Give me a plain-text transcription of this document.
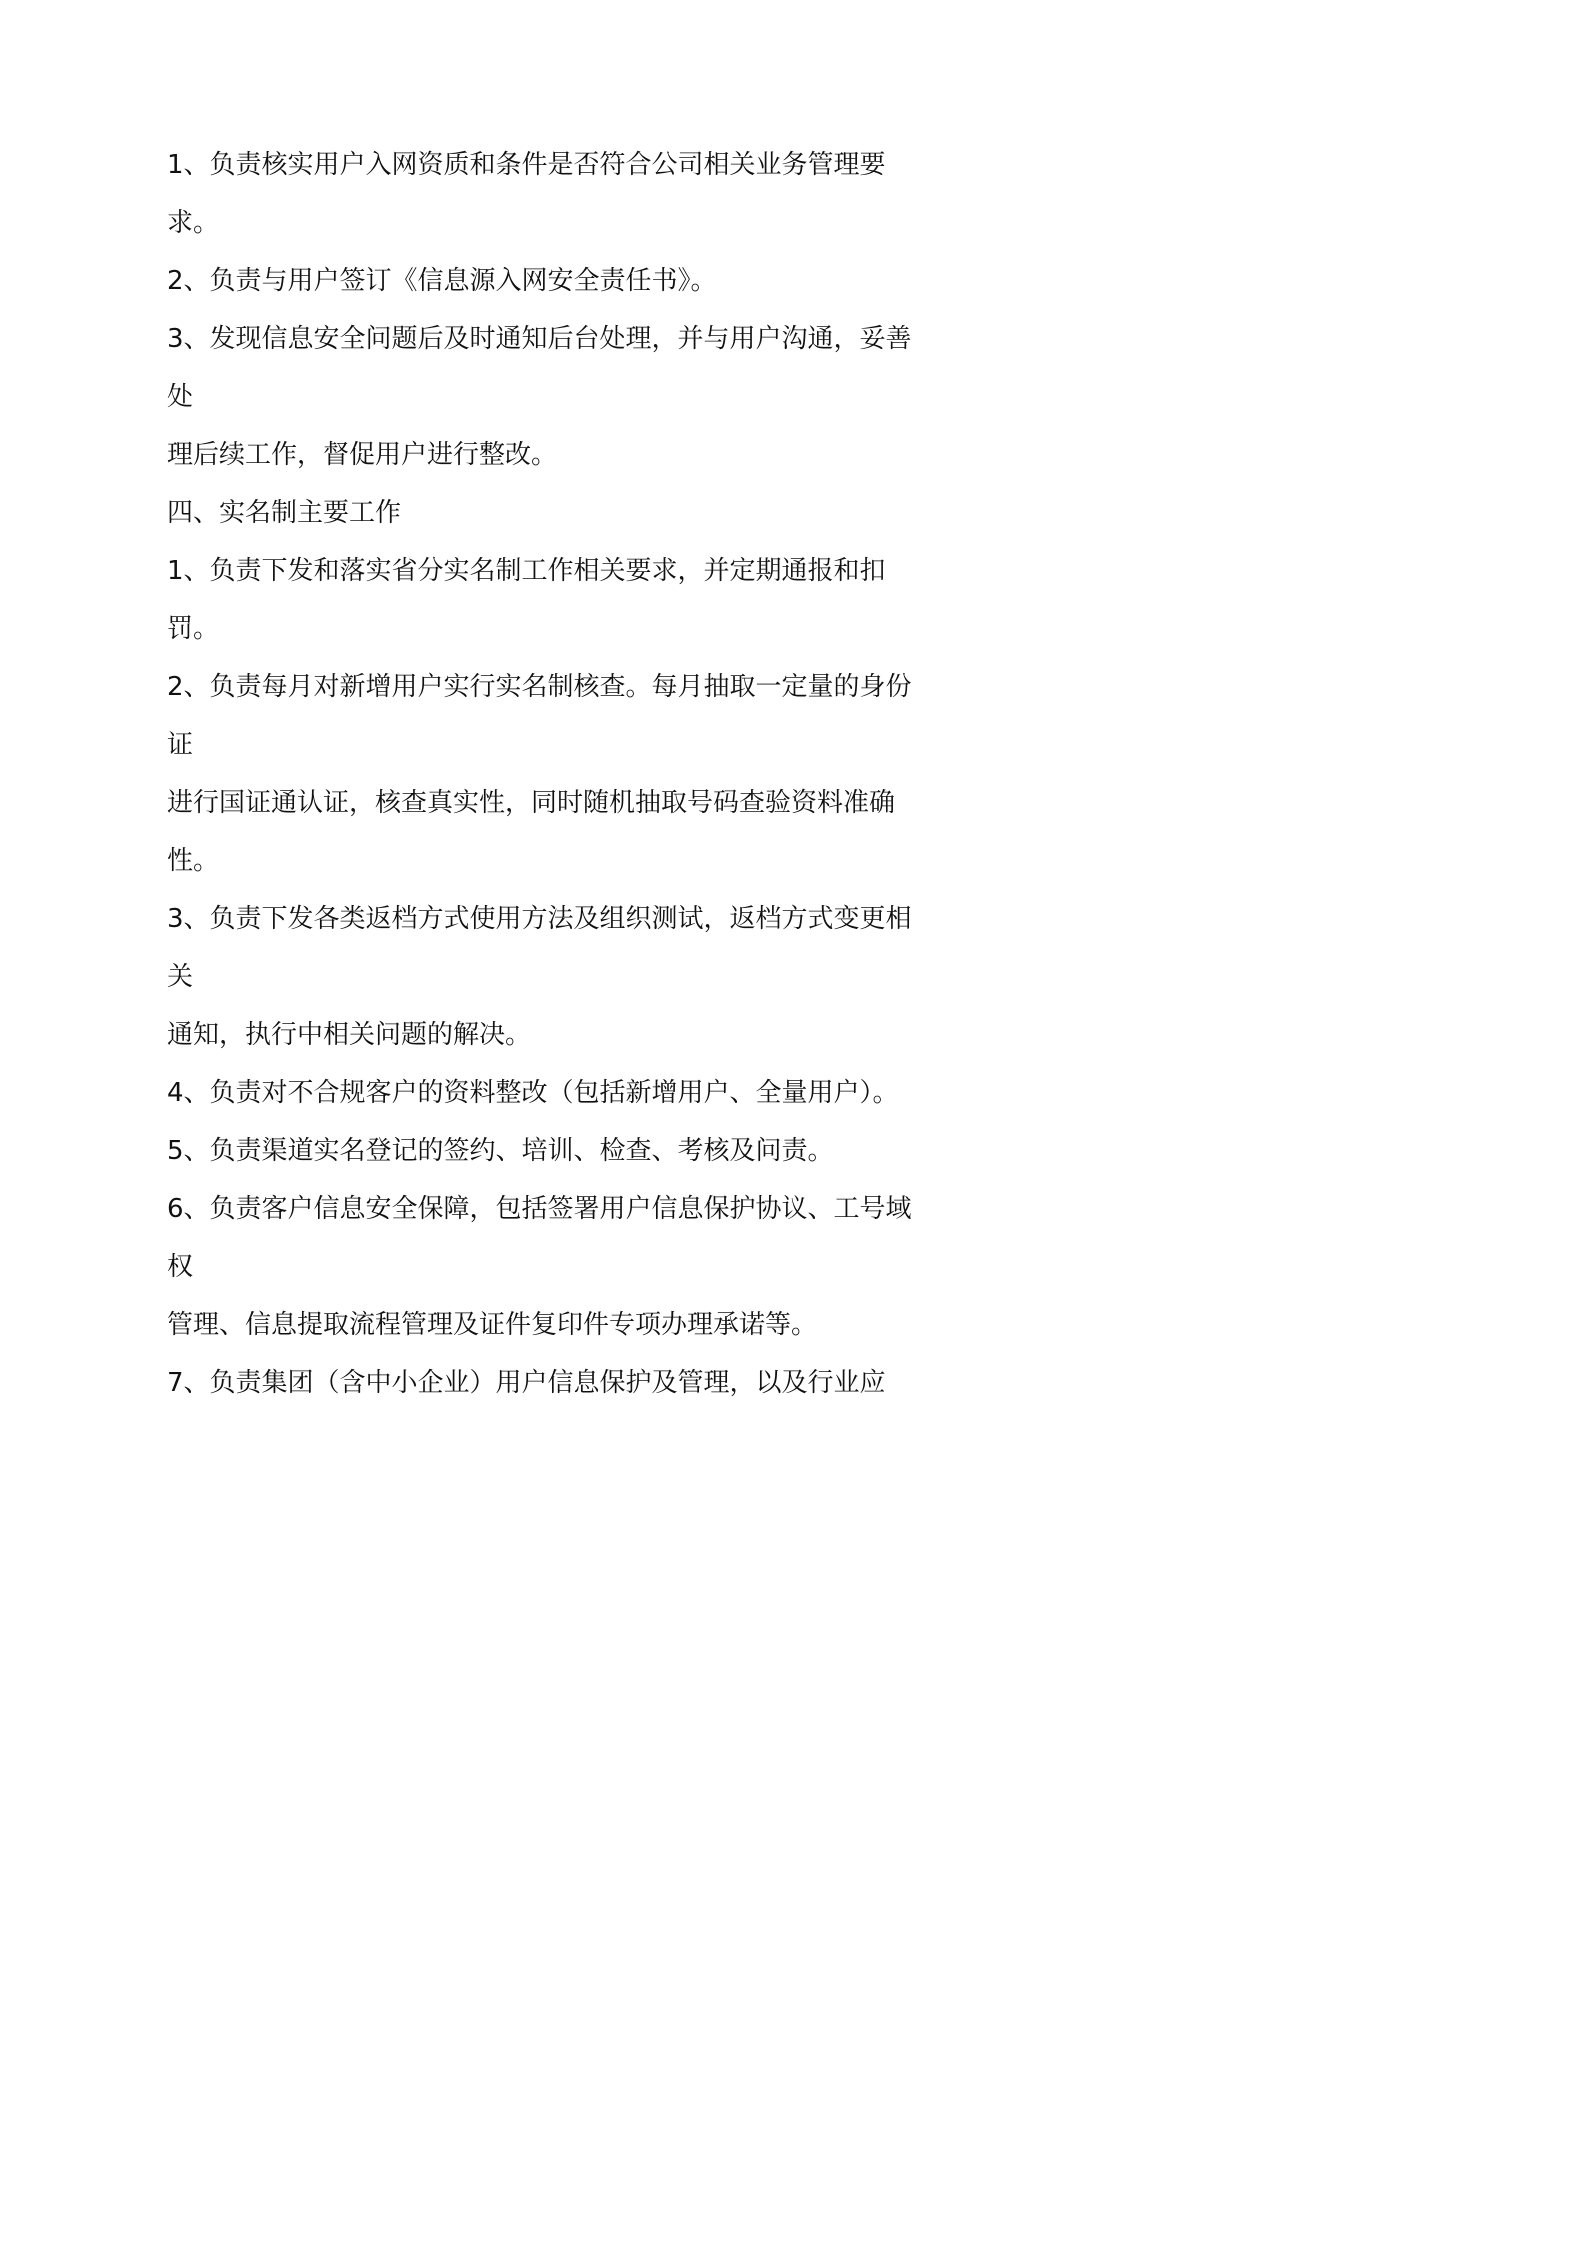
1、负责核实用户入网资质和条件是否符合公司相关业务管理要
求。
2、负责与用户签订《信息源入网安全责任书》。
3、发现信息安全问题后及时通知后台处理，并与用户沟通，妥善
处
理后续工作，督促用户进行整改。
四、实名制主要工作
1、负责下发和落实省分实名制工作相关要求，并定期通报和扣
罚。
2、负责每月对新增用户实行实名制核查。每月抽取一定量的身份
证
进行国证通认证，核查真实性，同时随机抽取号码查验资料准确
性。
3、负责下发各类返档方式使用方法及组织测试，返档方式变更相
关
通知，执行中相关问题的解决。
4、负责对不合规客户的资料整改（包括新增用户、全量用户）。
5、负责渠道实名登记的签约、培训、检查、考核及问责。
6、负责客户信息安全保障，包括签署用户信息保护协议、工号域
权
管理、信息提取流程管理及证件复印件专项办理承诺等。
7、负责集团（含中小企业）用户信息保护及管理，以及行业应
